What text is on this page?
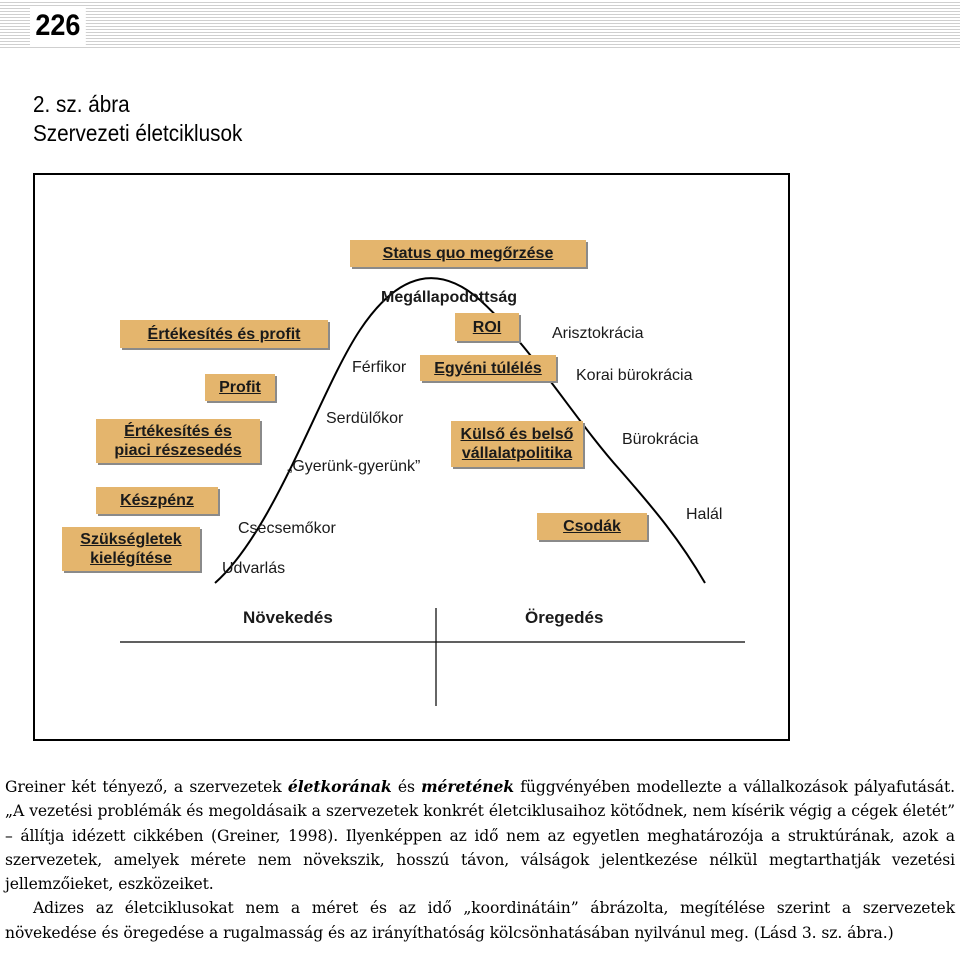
226
2. sz. ábra
Szervezeti életciklusok
Status quo megőrzése
Értékesítés és profit
Profit
Értékesítés és
piaci részesedés
Készpénz
Szükségletek
kielégítése
ROI
Egyéni túlélés
Külső és belső
vállalatpolitika
Csodák
Megállapodottság
Arisztokrácia
Férfikor	Korai bürokrácia
Serdülőkor
Bürokrácia
„Gyerünk-gyerünk”
Csecsemőkor
Halál
Udvarlás
Növekedés	Öregedés

Greiner két tényező, a szervezetek életkorának és méretének függvényében modellezte a vállalkozások pályafutását. „A vezetési problémák és megoldásaik a szervezetek konkrét életciklusaihoz kötődnek, nem kísérik végig a cégek életét” – állítja idézett cikkében (Greiner, 1998). Ilyenképpen az idő nem az egyetlen meghatározója a struktúrának, azok a szervezetek, amelyek mérete nem növekszik, hosszú távon, válságok jelentkezése nélkül megtarthatják vezetési jellemzőieket, eszközeiket.

Adizes az életciklusokat nem a méret és az idő „koordinátáin” ábrázolta, megítélése szerint a szervezetek növekedése és öregedése a rugalmasság és az irányíthatóság kölcsönhatásában nyilvánul meg. (Lásd 3. sz. ábra.)
